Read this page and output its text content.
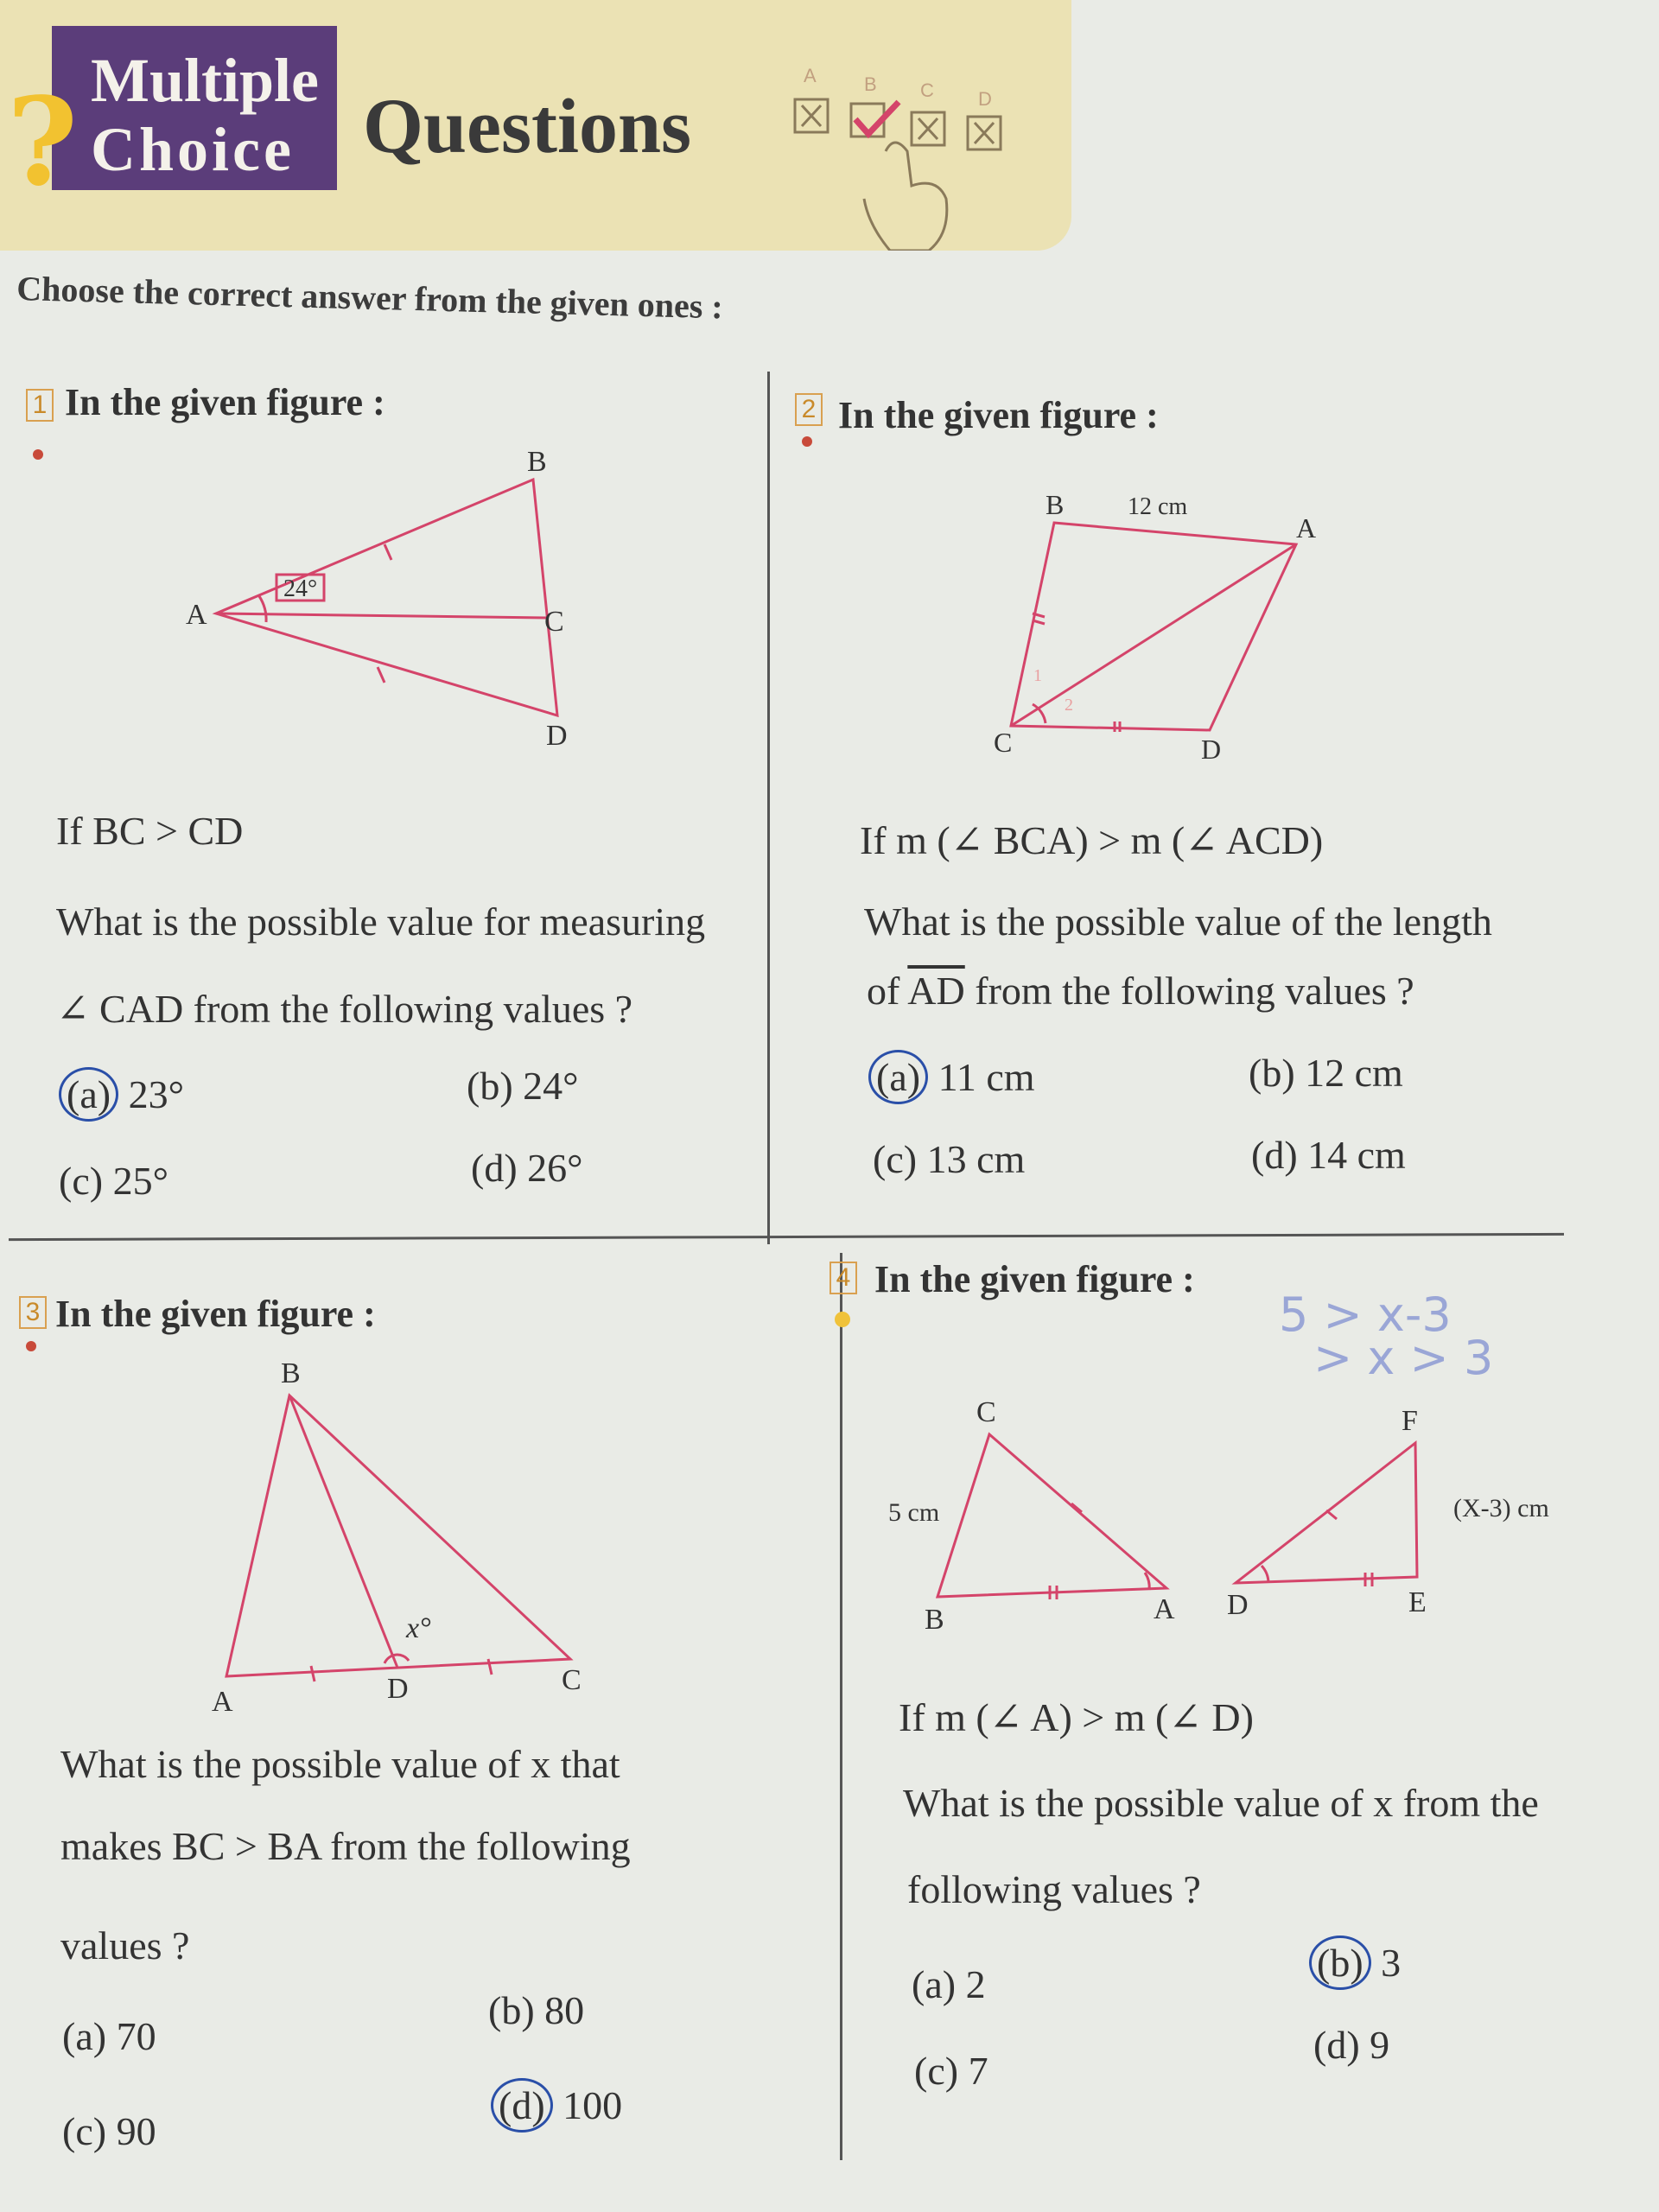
? Multiple
Choice Questions
A	B C D
Choose the correct answer from the given ones :
1 In the given figure :
A
B
C
D
24°
If BC > CD
What is the possible value for measuring
∠ CAD from the following values ?
(a) 23°	(b) 24°
(c) 25°	(d) 26°
2 In the given figure :
B
A
C	D
12 cm
1
2
If m (∠ BCA) > m (∠ ACD)
What is the possible value of the length
of $\overline{AD}$ from the following values ?
(a) 11 cm	(b) 12 cm
(c) 13 cm	(d) 14 cm
3 In the given figure :
B
A	D	C
x°
What is the possible value of x that
makes BC > BA from the following
values ?
(a) 70
(b) 80
(c) 90
(d) 100
4 In the given figure :
5 > x-3
> x > 3
C
B	A D	E
F
5 cm	(X-3) cm
If m (∠ A) > m (∠ D)
What is the possible value of x from the
following values ?
(a) 2	(b) 3
(c) 7
(d) 9
